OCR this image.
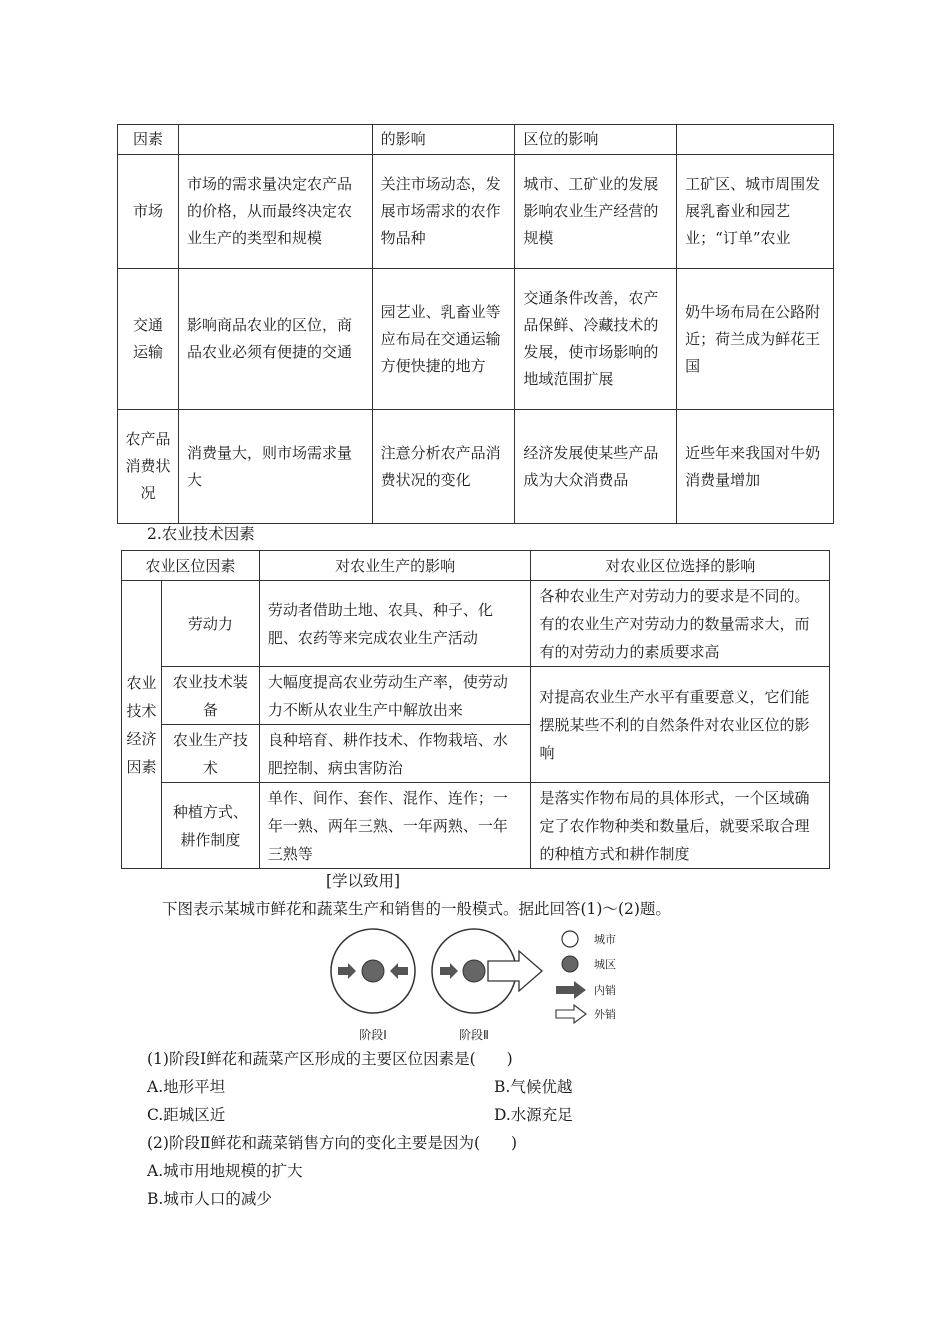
因素		的影响	区位的影响	
市场	市场的需求量决定农产品的价格，从而最终决定农业生产的类型和规模	关注市场动态，发展市场需求的农作物品种	城市、工矿业的发展影响农业生产经营的规模	工矿区、城市周围发展乳畜业和园艺业；“订单”农业
交通运输	影响商品农业的区位，商品农业必须有便捷的交通	园艺业、乳畜业等应布局在交通运输方便快捷的地方	交通条件改善，农产品保鲜、冷藏技术的发展，使市场影响的地域范围扩展	奶牛场布局在公路附近；荷兰成为鲜花王国
农产品消费状况	消费量大，则市场需求量大	注意分析农产品消费状况的变化	经济发展使某些产品成为大众消费品	近些年来我国对牛奶消费量增加
2.农业技术因素
农业区位因素		对农业生产的影响	对农业区位选择的影响
农业技术经济因素	劳动力	劳动者借助土地、农具、种子、化肥、农药等来完成农业生产活动	各种农业生产对劳动力的要求是不同的。有的农业生产对劳动力的数量需求大，而有的对劳动力的素质要求高
	农业技术装备	大幅度提高农业劳动生产率，使劳动力不断从农业生产中解放出来	对提高农业生产水平有重要意义，它们能摆脱某些不利的自然条件对农业区位的影响
	农业生产技术	良种培育、耕作技术、作物栽培、水肥控制、病虫害防治	
	种植方式、耕作制度	单作、间作、套作、混作、连作；一年一熟、两年三熟、一年两熟、一年三熟等	是落实作物布局的具体形式，一个区域确定了农作物种类和数量后，就要采取合理的种植方式和耕作制度
[学以致用]
下图表示某城市鲜花和蔬菜生产和销售的一般模式。据此回答(1)～(2)题。
阶段Ⅰ	阶段Ⅱ
城市
城区
内销
外销
(1)阶段Ⅰ鲜花和蔬菜产区形成的主要区位因素是(　　)
A.地形平坦	B.气候优越
C.距城区近	D.水源充足
(2)阶段Ⅱ鲜花和蔬菜销售方向的变化主要是因为(　　)
A.城市用地规模的扩大
B.城市人口的减少
